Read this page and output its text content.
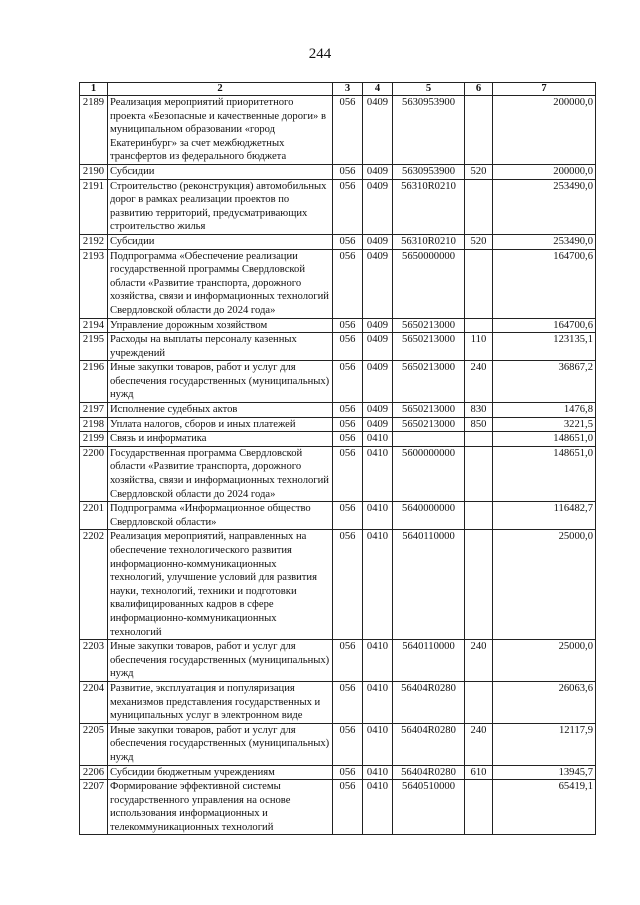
244
1	2	3	4	5	6	7
2189	Реализация мероприятий приоритетного проекта «Безопасные и качественные дороги» в муниципальном образовании «город Екатеринбург» за счет межбюджетных трансфертов из федерального бюджета	056	0409	5630953900		200000,0
2190	Субсидии	056	0409	5630953900	520	200000,0
2191	Строительство (реконструкция) автомобильных дорог в рамках реализации проектов по развитию территорий, предусматривающих строительство жилья	056	0409	56310R0210		253490,0
2192	Субсидии	056	0409	56310R0210	520	253490,0
2193	Подпрограмма «Обеспечение реализации государственной программы Свердловской области «Развитие транспорта, дорожного хозяйства, связи и информационных технологий Свердловской области до 2024 года»	056	0409	5650000000		164700,6
2194	Управление дорожным хозяйством	056	0409	5650213000		164700,6
2195	Расходы на выплаты персоналу казенных учреждений	056	0409	5650213000	110	123135,1
2196	Иные закупки товаров, работ и услуг для обеспечения государственных (муниципальных) нужд	056	0409	5650213000	240	36867,2
2197	Исполнение судебных актов	056	0409	5650213000	830	1476,8
2198	Уплата налогов, сборов и иных платежей	056	0409	5650213000	850	3221,5
2199	Связь и информатика	056	0410			148651,0
2200	Государственная программа Свердловской области «Развитие транспорта, дорожного хозяйства, связи и информационных технологий Свердловской области до 2024 года»	056	0410	5600000000		148651,0
2201	Подпрограмма «Информационное общество Свердловской области»	056	0410	5640000000		116482,7
2202	Реализация мероприятий, направленных на обеспечение технологического развития информационно-коммуникационных технологий, улучшение условий для развития науки, технологий, техники и подготовки квалифицированных кадров в сфере информационно-коммуникационных технологий	056	0410	5640110000		25000,0
2203	Иные закупки товаров, работ и услуг для обеспечения государственных (муниципальных) нужд	056	0410	5640110000	240	25000,0
2204	Развитие, эксплуатация и популяризация механизмов представления государственных и муниципальных услуг в электронном виде	056	0410	56404R0280		26063,6
2205	Иные закупки товаров, работ и услуг для обеспечения государственных (муниципальных) нужд	056	0410	56404R0280	240	12117,9
2206	Субсидии бюджетным учреждениям	056	0410	56404R0280	610	13945,7
2207	Формирование эффективной системы государственного управления на основе использования информационных и телекоммуникационных технологий	056	0410	5640510000		65419,1
